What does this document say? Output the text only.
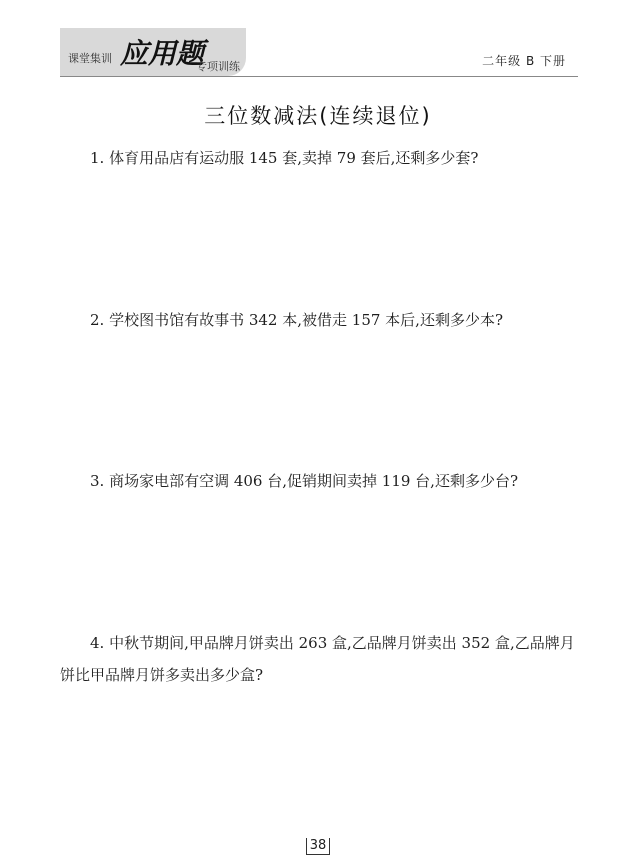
课堂集训 应用题
专项训练	二年级 B 下册
三位数减法(连续退位)
1. 体育用品店有运动服 145 套,卖掉 79 套后,还剩多少套?
2. 学校图书馆有故事书 342 本,被借走 157 本后,还剩多少本?
3. 商场家电部有空调 406 台,促销期间卖掉 119 台,还剩多少台?
4. 中秋节期间,甲品牌月饼卖出 263 盒,乙品牌月饼卖出 352 盒,乙品牌月饼比甲品牌月饼多卖出多少盒?
38
